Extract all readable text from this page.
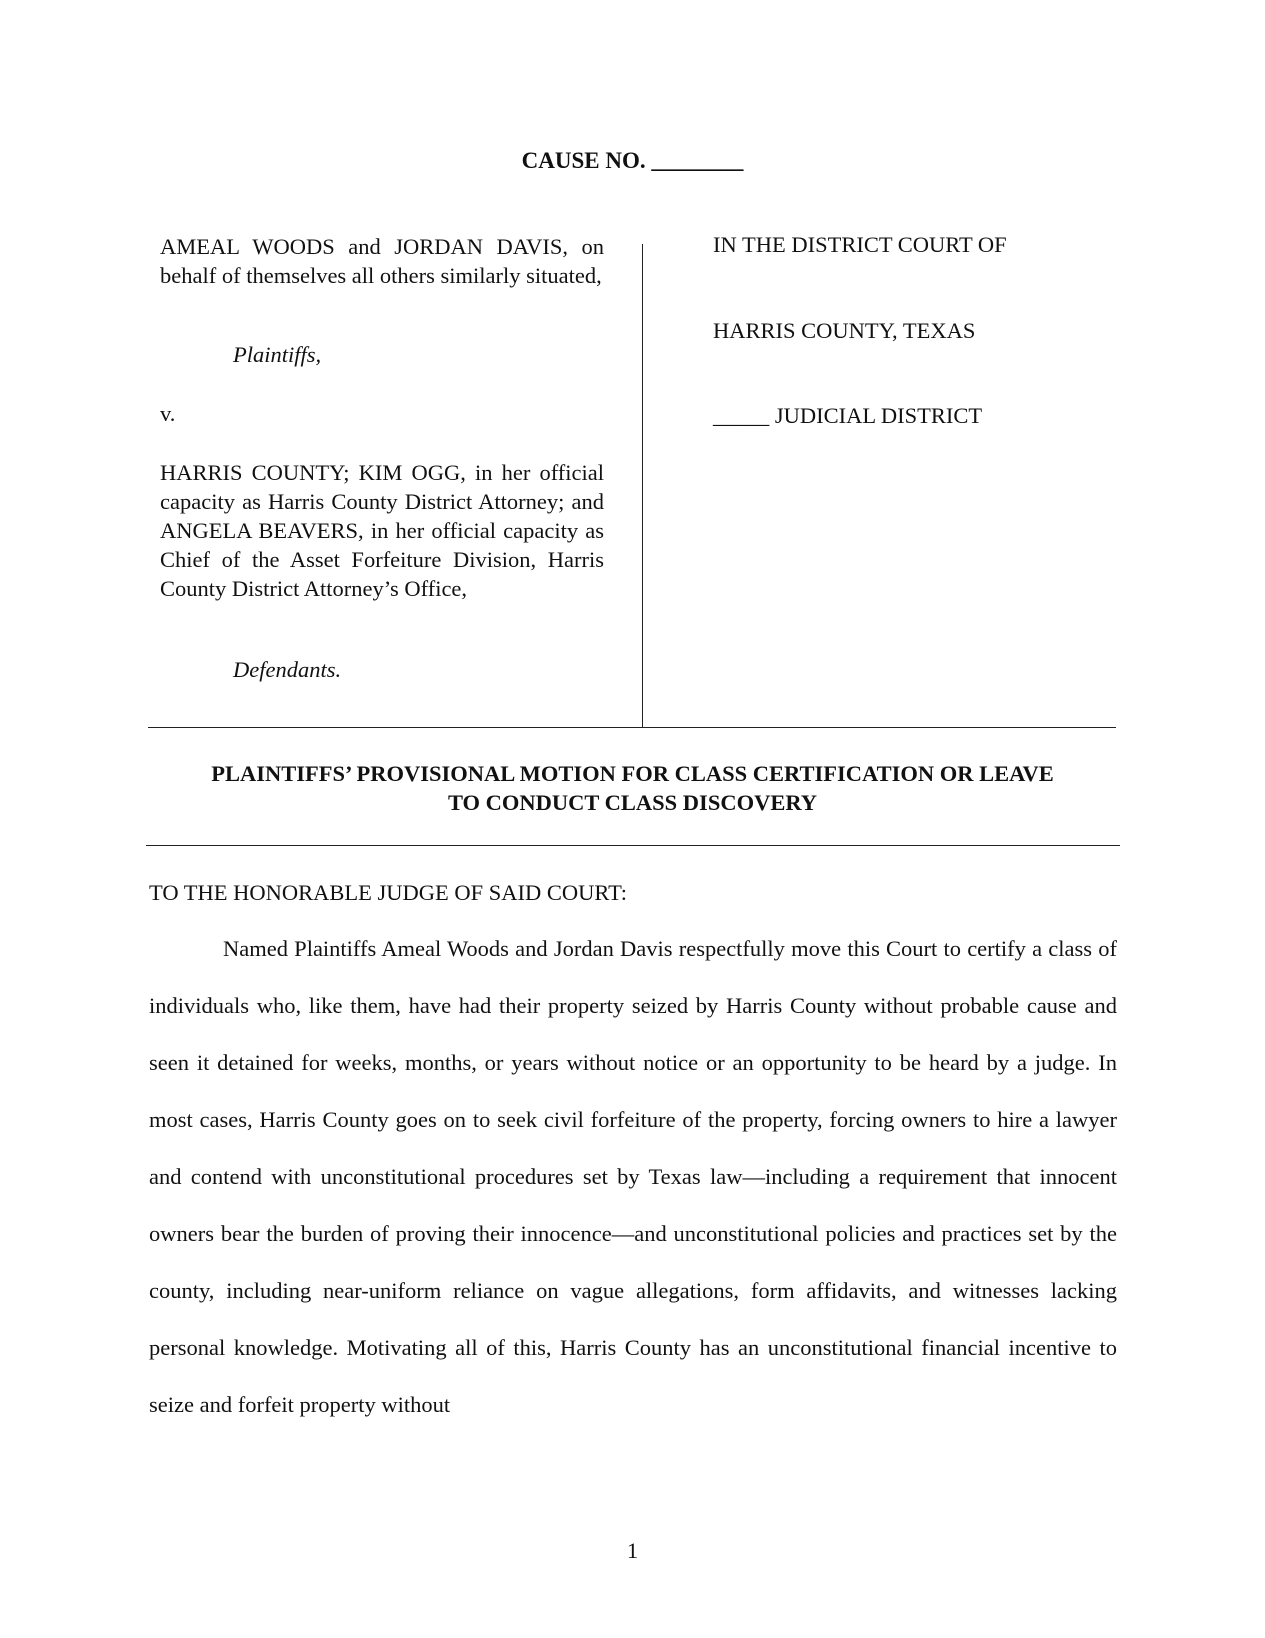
CAUSE NO. ________
AMEAL WOODS and JORDAN DAVIS, on behalf of themselves all others similarly situated,
Plaintiffs,
v.
HARRIS COUNTY; KIM OGG, in her official capacity as Harris County District Attorney; and ANGELA BEAVERS, in her official capacity as Chief of the Asset Forfeiture Division, Harris County District Attorney’s Office,
Defendants.
IN THE DISTRICT COURT OF
HARRIS COUNTY, TEXAS
_____ JUDICIAL DISTRICT
PLAINTIFFS’ PROVISIONAL MOTION FOR CLASS CERTIFICATION OR LEAVE
TO CONDUCT CLASS DISCOVERY
TO THE HONORABLE JUDGE OF SAID COURT:

Named Plaintiffs Ameal Woods and Jordan Davis respectfully move this Court to certify a class of individuals who, like them, have had their property seized by Harris County without probable cause and seen it detained for weeks, months, or years without notice or an opportunity to be heard by a judge. In most cases, Harris County goes on to seek civil forfeiture of the property, forcing owners to hire a lawyer and contend with unconstitutional procedures set by Texas law—including a requirement that innocent owners bear the burden of proving their innocence—and unconstitutional policies and practices set by the county, including near-uniform reliance on vague allegations, form affidavits, and witnesses lacking personal knowledge. Motivating all of this, Harris County has an unconstitutional financial incentive to seize and forfeit property without

1
